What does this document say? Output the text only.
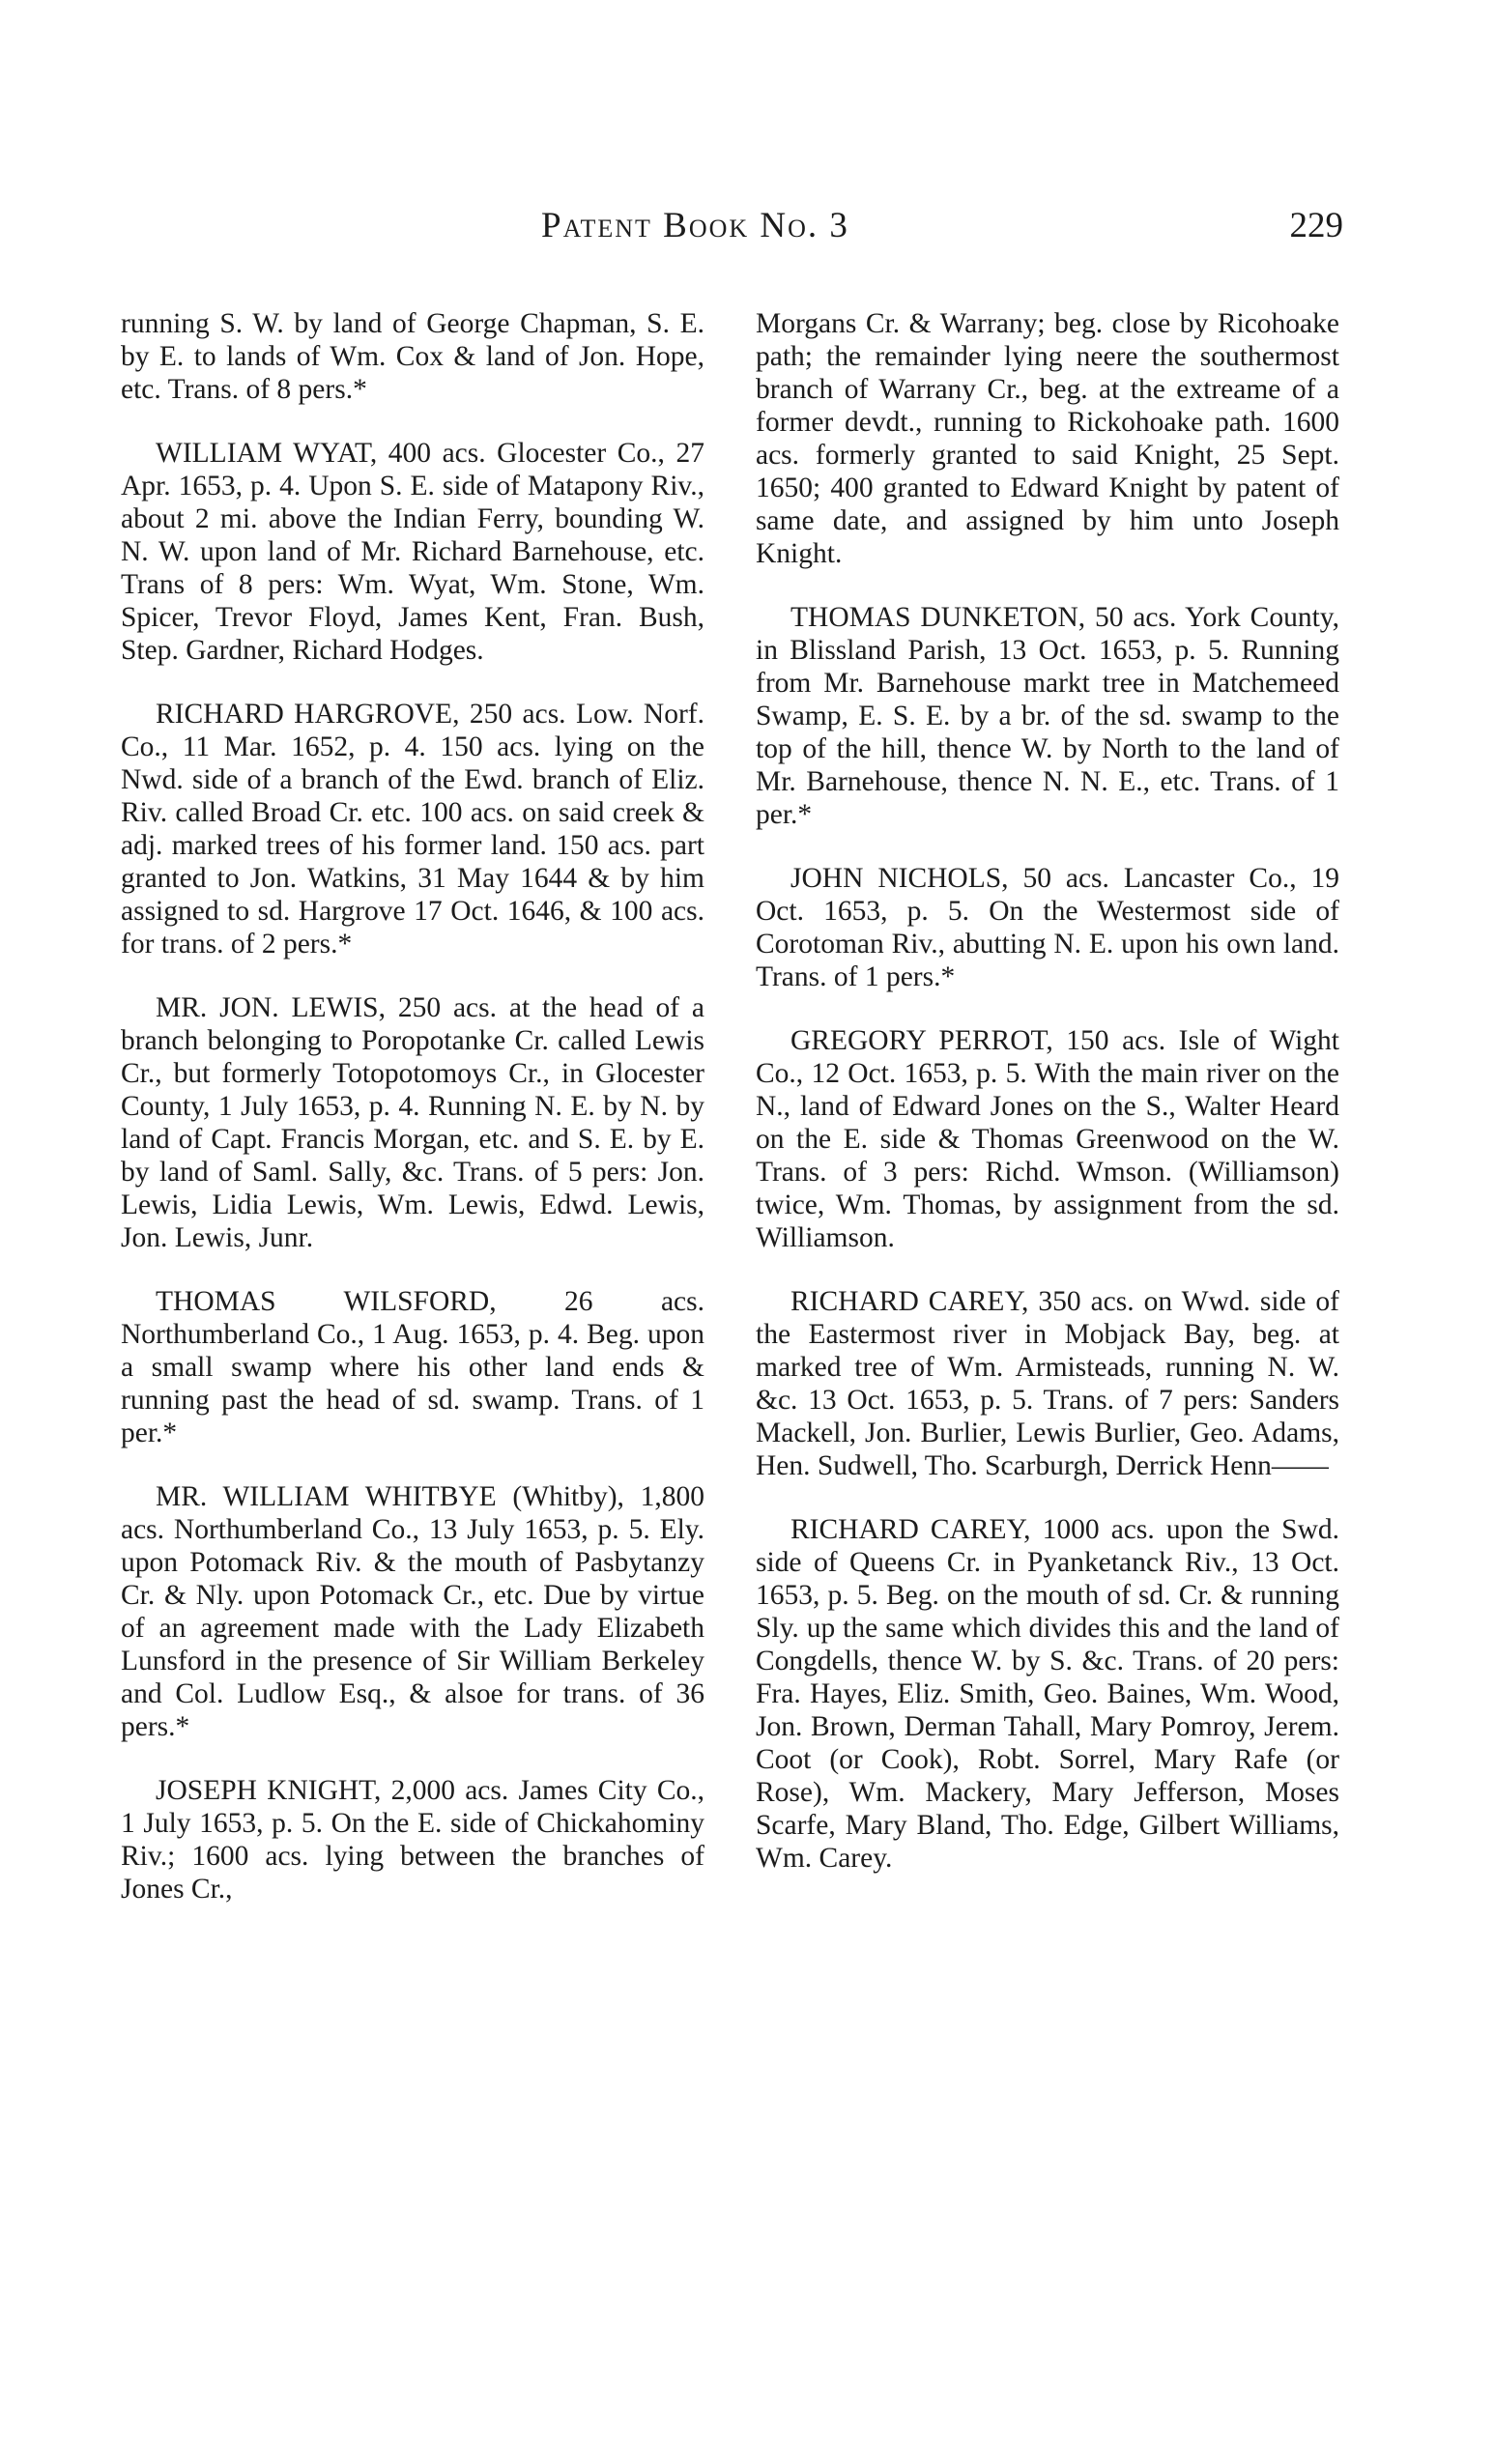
Patent Book No. 3	229

running S. W. by land of George Chapman, S. E. by E. to lands of Wm. Cox & land of Jon. Hope, etc. Trans. of 8 pers.*

WILLIAM WYAT, 400 acs. Glocester Co., 27 Apr. 1653, p. 4. Upon S. E. side of Matapony Riv., about 2 mi. above the Indian Ferry, bounding W. N. W. upon land of Mr. Richard Barnehouse, etc. Trans of 8 pers: Wm. Wyat, Wm. Stone, Wm. Spicer, Trevor Floyd, James Kent, Fran. Bush, Step. Gardner, Richard Hodges.

RICHARD HARGROVE, 250 acs. Low. Norf. Co., 11 Mar. 1652, p. 4. 150 acs. lying on the Nwd. side of a branch of the Ewd. branch of Eliz. Riv. called Broad Cr. etc. 100 acs. on said creek & adj. marked trees of his former land. 150 acs. part granted to Jon. Watkins, 31 May 1644 & by him assigned to sd. Hargrove 17 Oct. 1646, & 100 acs. for trans. of 2 pers.*

MR. JON. LEWIS, 250 acs. at the head of a branch belonging to Poropotanke Cr. called Lewis Cr., but formerly Totopotomoys Cr., in Glocester County, 1 July 1653, p. 4. Running N. E. by N. by land of Capt. Francis Morgan, etc. and S. E. by E. by land of Saml. Sally, &c. Trans. of 5 pers: Jon. Lewis, Lidia Lewis, Wm. Lewis, Edwd. Lewis, Jon. Lewis, Junr.

THOMAS WILSFORD, 26 acs. Northumberland Co., 1 Aug. 1653, p. 4. Beg. upon a small swamp where his other land ends & running past the head of sd. swamp. Trans. of 1 per.*

MR. WILLIAM WHITBYE (Whitby), 1,800 acs. Northumberland Co., 13 July 1653, p. 5. Ely. upon Potomack Riv. & the mouth of Pasbytanzy Cr. & Nly. upon Potomack Cr., etc. Due by virtue of an agreement made with the Lady Elizabeth Lunsford in the presence of Sir William Berkeley and Col. Ludlow Esq., & alsoe for trans. of 36 pers.*

JOSEPH KNIGHT, 2,000 acs. James City Co., 1 July 1653, p. 5. On the E. side of Chickahominy Riv.; 1600 acs. lying between the branches of Jones Cr.,

Morgans Cr. & Warrany; beg. close by Ricohoake path; the remainder lying neere the southermost branch of Warrany Cr., beg. at the extreame of a former devdt., running to Rickohoake path. 1600 acs. formerly granted to said Knight, 25 Sept. 1650; 400 granted to Edward Knight by patent of same date, and assigned by him unto Joseph Knight.

THOMAS DUNKETON, 50 acs. York County, in Blissland Parish, 13 Oct. 1653, p. 5. Running from Mr. Barnehouse markt tree in Matchemeed Swamp, E. S. E. by a br. of the sd. swamp to the top of the hill, thence W. by North to the land of Mr. Barnehouse, thence N. N. E., etc. Trans. of 1 per.*

JOHN NICHOLS, 50 acs. Lancaster Co., 19 Oct. 1653, p. 5. On the Westermost side of Corotoman Riv., abutting N. E. upon his own land. Trans. of 1 pers.*

GREGORY PERROT, 150 acs. Isle of Wight Co., 12 Oct. 1653, p. 5. With the main river on the N., land of Edward Jones on the S., Walter Heard on the E. side & Thomas Greenwood on the W. Trans. of 3 pers: Richd. Wmson. (Williamson) twice, Wm. Thomas, by assignment from the sd. Williamson.

RICHARD CAREY, 350 acs. on Wwd. side of the Eastermost river in Mobjack Bay, beg. at marked tree of Wm. Armisteads, running N. W. &c. 13 Oct. 1653, p. 5. Trans. of 7 pers: Sanders Mackell, Jon. Burlier, Lewis Burlier, Geo. Adams, Hen. Sudwell, Tho. Scarburgh, Derrick Henn——

RICHARD CAREY, 1000 acs. upon the Swd. side of Queens Cr. in Pyanketanck Riv., 13 Oct. 1653, p. 5. Beg. on the mouth of sd. Cr. & running Sly. up the same which divides this and the land of Congdells, thence W. by S. &c. Trans. of 20 pers: Fra. Hayes, Eliz. Smith, Geo. Baines, Wm. Wood, Jon. Brown, Derman Tahall, Mary Pomroy, Jerem. Coot (or Cook), Robt. Sorrel, Mary Rafe (or Rose), Wm. Mackery, Mary Jefferson, Moses Scarfe, Mary Bland, Tho. Edge, Gilbert Williams, Wm. Carey.
